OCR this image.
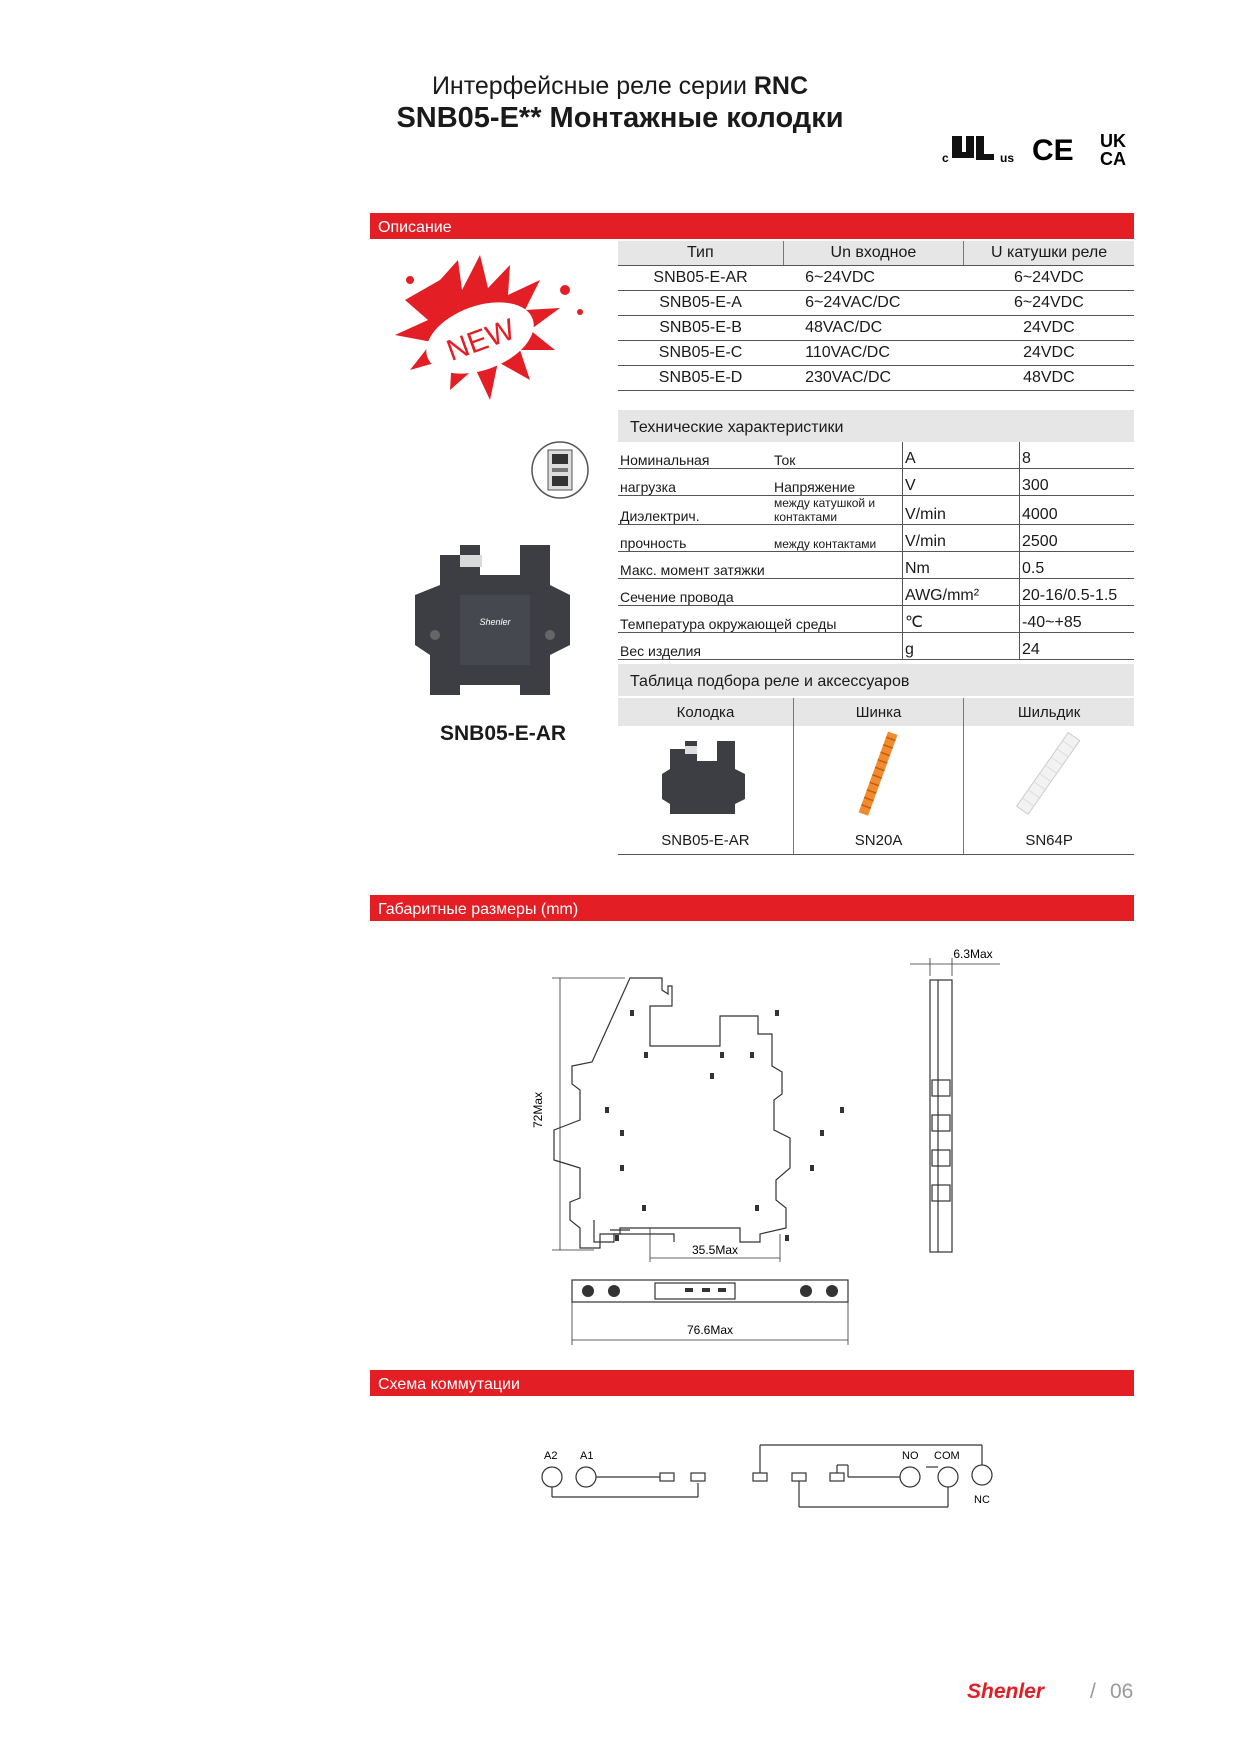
Интерфейсные реле серии RNC
SNB05-E** Монтажные колодки
c	us CE UK
CA
Описание
NEW
Shenler
SNB05-E-AR
Тип	Un входное	U катушки реле
SNB05-E-AR	6~24VDC	6~24VDC
SNB05-E-A	6~24VAC/DC	6~24VDC
SNB05-E-B	48VAC/DC	24VDC
SNB05-E-C	110VAC/DC	24VDC
SNB05-E-D	230VAC/DC	48VDC
Технические характеристики
Номинальная	Ток	A	8
нагрузка	Напряжение	V	300
Диэлектрич.	между катушкой и контактами	V/min	4000
прочность	между контактами	V/min	2500
Макс. момент затяжки		Nm	0.5
Сечение провода		AWG/mm²	20-16/0.5-1.5
Температура окружающей среды		℃	-40~+85
Вес изделия		g	24
Таблица подбора реле и аксессуаров
Колодка	Шинка	Шильдик

SNB05-E-AR	SN20A	SN64P
Габаритные размеры (mm)
72Max
35.5Max
6.3Max
76.6Max
Схема коммутации
A2 A1	NO COM
NC
Shenler / 06
